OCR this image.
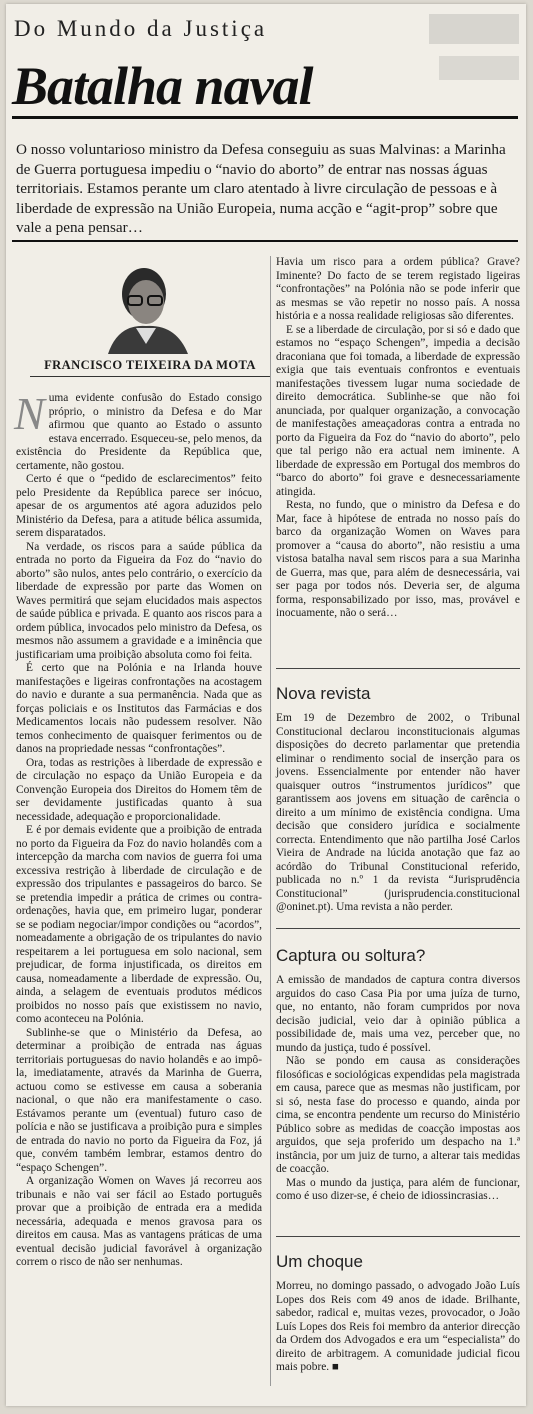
Do Mundo da Justiça
Batalha naval
O nosso voluntarioso ministro da Defesa conseguiu as suas Malvinas: a Marinha de Guerra portuguesa impediu o “navio do aborto” de entrar nas nossas águas territoriais. Estamos perante um claro atentado à livre circulação de pessoas e à liberdade de expressão na União Europeia, numa acção e “agit-prop” sobre que vale a pena pensar…
FRANCISCO TEIXEIRA DA MOTA

Numa evidente confusão do Estado consigo próprio, o ministro da Defesa e do Mar afirmou que quanto ao Estado o assunto estava encerrado. Esqueceu-se, pelo menos, da existência do Presidente da República que, certamente, não gostou.

Certo é que o “pedido de esclarecimentos” feito pelo Presidente da República parece ser inócuo, apesar de os argumentos até agora aduzidos pelo Ministério da Defesa, para a atitude bélica assumida, serem disparatados.

Na verdade, os riscos para a saúde pública da entrada no porto da Figueira da Foz do “navio do aborto” são nulos, antes pelo contrário, o exercício da liberdade de expressão por parte das Women on Waves permitirá que sejam elucidados mais aspectos de saúde pública e privada. E quanto aos riscos para a ordem pública, invocados pelo ministro da Defesa, os mesmos não assumem a gravidade e a iminência que justificariam uma proibição absoluta como foi feita.

É certo que na Polónia e na Irlanda houve manifestações e ligeiras confrontações na acostagem do navio e durante a sua permanência. Nada que as forças policiais e os Institutos das Farmácias e dos Medicamentos locais não pudessem resolver. Não temos conhecimento de quaisquer ferimentos ou de danos na propriedade nessas “confrontações”.

Ora, todas as restrições à liberdade de expressão e de circulação no espaço da União Europeia e da Convenção Europeia dos Direitos do Homem têm de ser devidamente justificadas quanto à sua necessidade, adequação e proporcionalidade.

E é por demais evidente que a proibição de entrada no porto da Figueira da Foz do navio holandês com a intercepção da marcha com navios de guerra foi uma excessiva restrição à liberdade de circulação e de expressão dos tripulantes e passageiros do barco. Se se pretendia impedir a prática de crimes ou contra-ordenações, havia que, em primeiro lugar, ponderar se se podiam negociar/impor condições ou “acordos”, nomeadamente a obrigação de os tripulantes do navio respeitarem a lei portuguesa em solo nacional, sem prejudicar, de forma injustificada, os direitos em causa, nomeadamente a liberdade de expressão. Ou, ainda, a selagem de eventuais produtos médicos proibidos no nosso país que existissem no navio, como aconteceu na Polónia.

Sublinhe-se que o Ministério da Defesa, ao determinar a proibição de entrada nas águas territoriais portuguesas do navio holandês e ao impô-la, imediatamente, através da Marinha de Guerra, actuou como se estivesse em causa a soberania nacional, o que não era manifestamente o caso. Estávamos perante um (eventual) futuro caso de polícia e não se justificava a proibição pura e simples de entrada do navio no porto da Figueira da Foz, já que, convém também lembrar, estamos dentro do “espaço Schengen”.

A organização Women on Waves já recorreu aos tribunais e não vai ser fácil ao Estado português provar que a proibição de entrada era a medida necessária, adequada e menos gravosa para os direitos em causa. Mas as vantagens práticas de uma eventual decisão judicial favorável à organização correm o risco de não ser nenhumas.

Havia um risco para a ordem pública? Grave? Iminente? Do facto de se terem registado ligeiras “confrontações” na Polónia não se pode inferir que as mesmas se vão repetir no nosso país. A nossa história e a nossa realidade religiosas são diferentes.

E se a liberdade de circulação, por si só e dado que estamos no “espaço Schengen”, impedia a decisão draconiana que foi tomada, a liberdade de expressão exigia que tais eventuais confrontos e eventuais manifestações tivessem lugar numa sociedade de direito democrática. Sublinhe-se que não foi anunciada, por qualquer organização, a convocação de manifestações ameaçadoras contra a entrada no porto da Figueira da Foz do “navio do aborto”, pelo que tal perigo não era actual nem iminente. A liberdade de expressão em Portugal dos membros do “barco do aborto” foi grave e desnecessariamente atingida.

Resta, no fundo, que o ministro da Defesa e do Mar, face à hipótese de entrada no nosso país do barco da organização Women on Waves para promover a “causa do aborto”, não resistiu a uma vistosa batalha naval sem riscos para a sua Marinha de Guerra, mas que, para além de desnecessária, vai ser paga por todos nós. Deveria ser, de alguma forma, responsabilizado por isso, mas, provável e inocuamente, não o será…

Nova revista

Em 19 de Dezembro de 2002, o Tribunal Constitucional declarou inconstitucionais algumas disposições do decreto parlamentar que pretendia eliminar o rendimento social de inserção para os jovens. Essencialmente por entender não haver quaisquer outros “instrumentos jurídicos” que garantissem aos jovens em situação de carência o direito a um mínimo de existência condigna. Uma decisão que considero jurídica e socialmente correcta. Entendimento que não partilha José Carlos Vieira de Andrade na lúcida anotação que faz ao acórdão do Tribunal Constitucional referido, publicada no n.º 1 da revista “Jurisprudência Constitucional” (jurisprudencia.constitucional @oninet.pt). Uma revista a não perder.

Captura ou soltura?

A emissão de mandados de captura contra diversos arguidos do caso Casa Pia por uma juíza de turno, que, no entanto, não foram cumpridos por nova decisão judicial, veio dar à opinião pública a possibilidade de, mais uma vez, perceber que, no mundo da justiça, tudo é possível.

Não se pondo em causa as considerações filosóficas e sociológicas expendidas pela magistrada em causa, parece que as mesmas não justificam, por si só, nesta fase do processo e quando, ainda por cima, se encontra pendente um recurso do Ministério Público sobre as medidas de coacção impostas aos arguidos, que seja proferido um despacho na 1.ª instância, por um juiz de turno, a alterar tais medidas de coacção.

Mas o mundo da justiça, para além de funcionar, como é uso dizer-se, é cheio de idiossincrasias…

Um choque

Morreu, no domingo passado, o advogado João Luís Lopes dos Reis com 49 anos de idade. Brilhante, sabedor, radical e, muitas vezes, provocador, o João Luís Lopes dos Reis foi membro da anterior direcção da Ordem dos Advogados e era um “especialista” do direito de arbitragem. A comunidade judicial ficou mais pobre. ■
